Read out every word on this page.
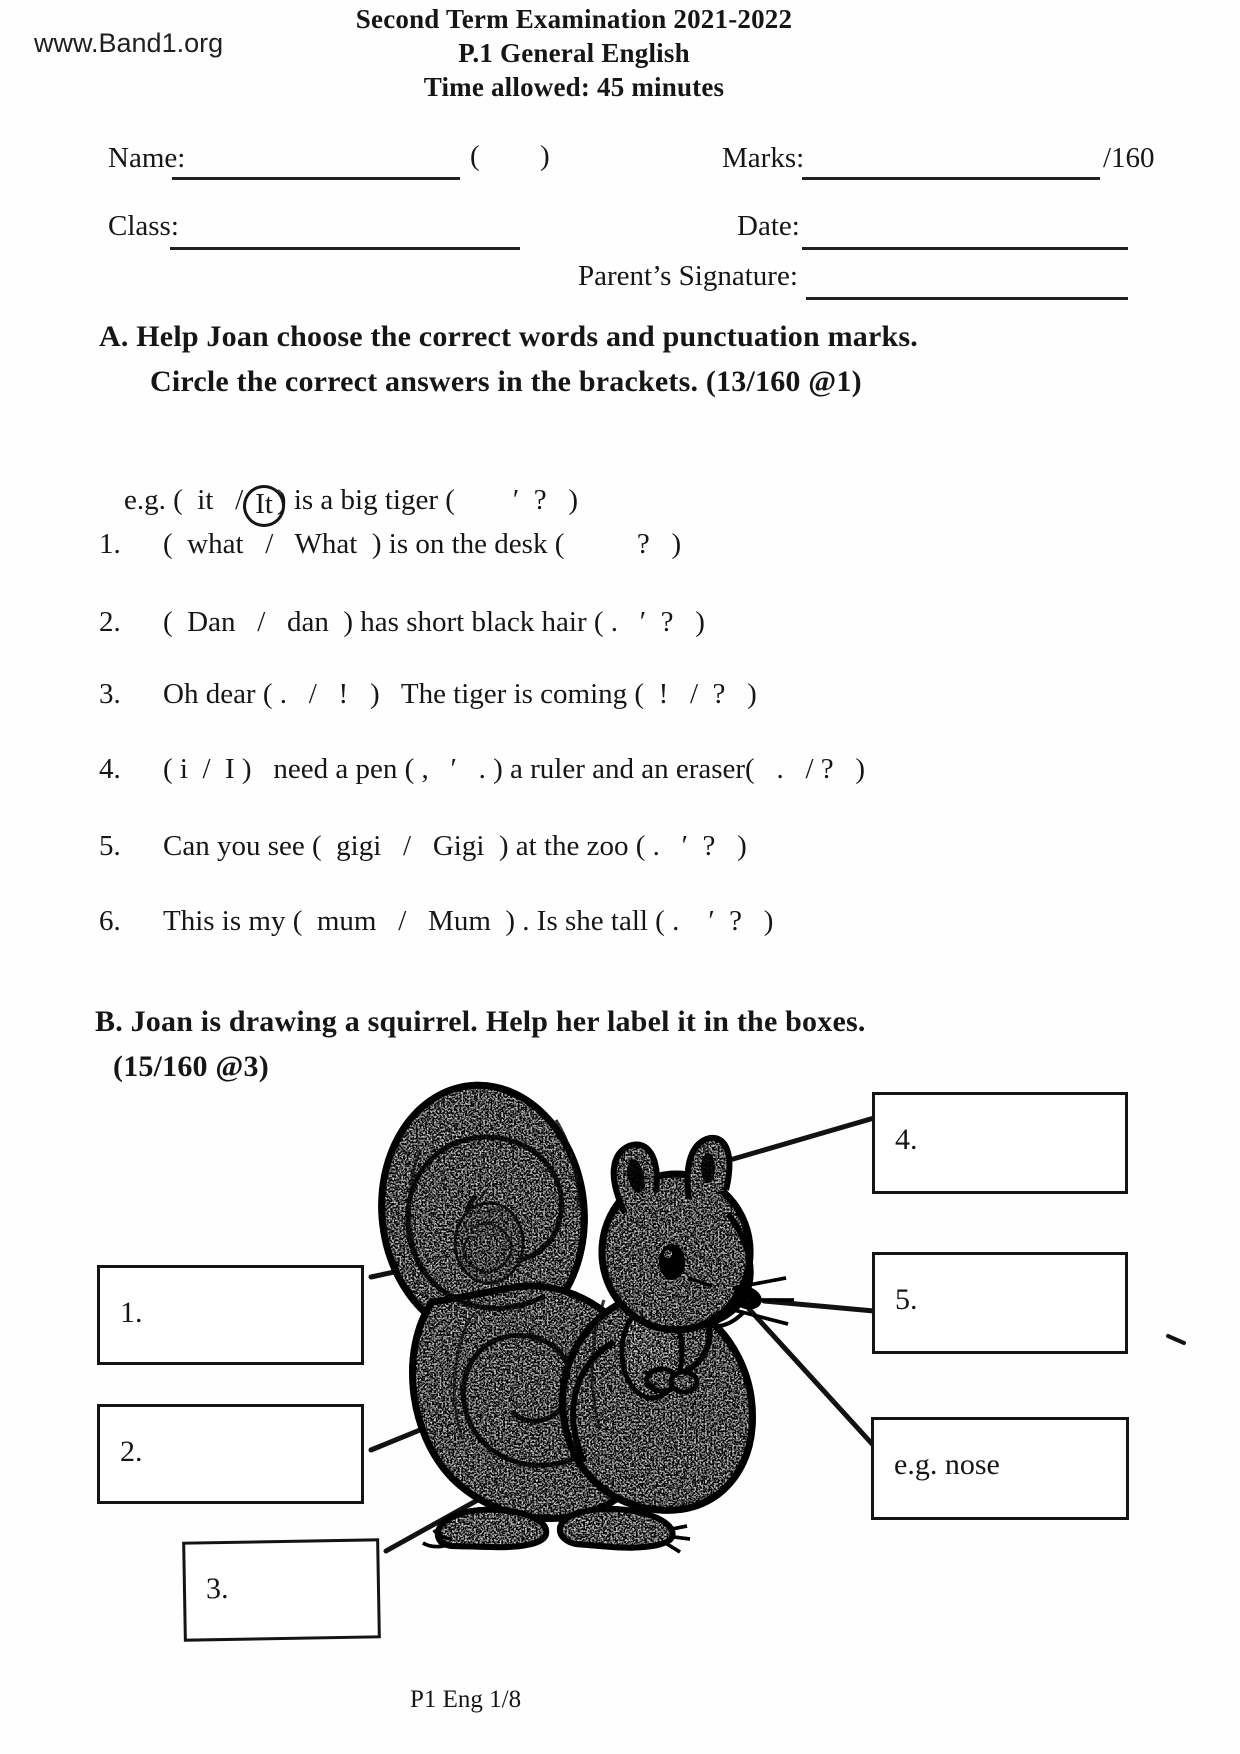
www.Band1.org
Second Term Examination 2021-2022
P.1 General English
Time allowed: 45 minutes
Name:	( )	Marks:	/160
Class:	Date:
Parent’s Signature:
A. Help Joan choose the correct words and punctuation marks.
Circle the correct answers in the brackets. (13/160 @1)

e.g. (  it   / It ) is a big tiger (        ′  ?   )

1. (  what   /   What  ) is on the desk (          ?   )
2. (  Dan   /   dan  ) has short black hair ( .   ′  ?   )
3. Oh dear ( .   /   !   )   The tiger is coming (  !   /  ?   )
4. ( i  /  I )   need a pen ( ,   ′   . ) a ruler and an eraser(   .   / ?   )
5. Can you see (  gigi   /   Gigi  ) at the zoo ( .   ′  ?   )
6. This is my (  mum   /   Mum  ) . Is she tall ( .    ′  ?   )
B. Joan is drawing a squirrel. Help her label it in the boxes.
(15/160 @3)
1.
2.
3.
4.
5.
e.g. nose
P1 Eng 1/8
